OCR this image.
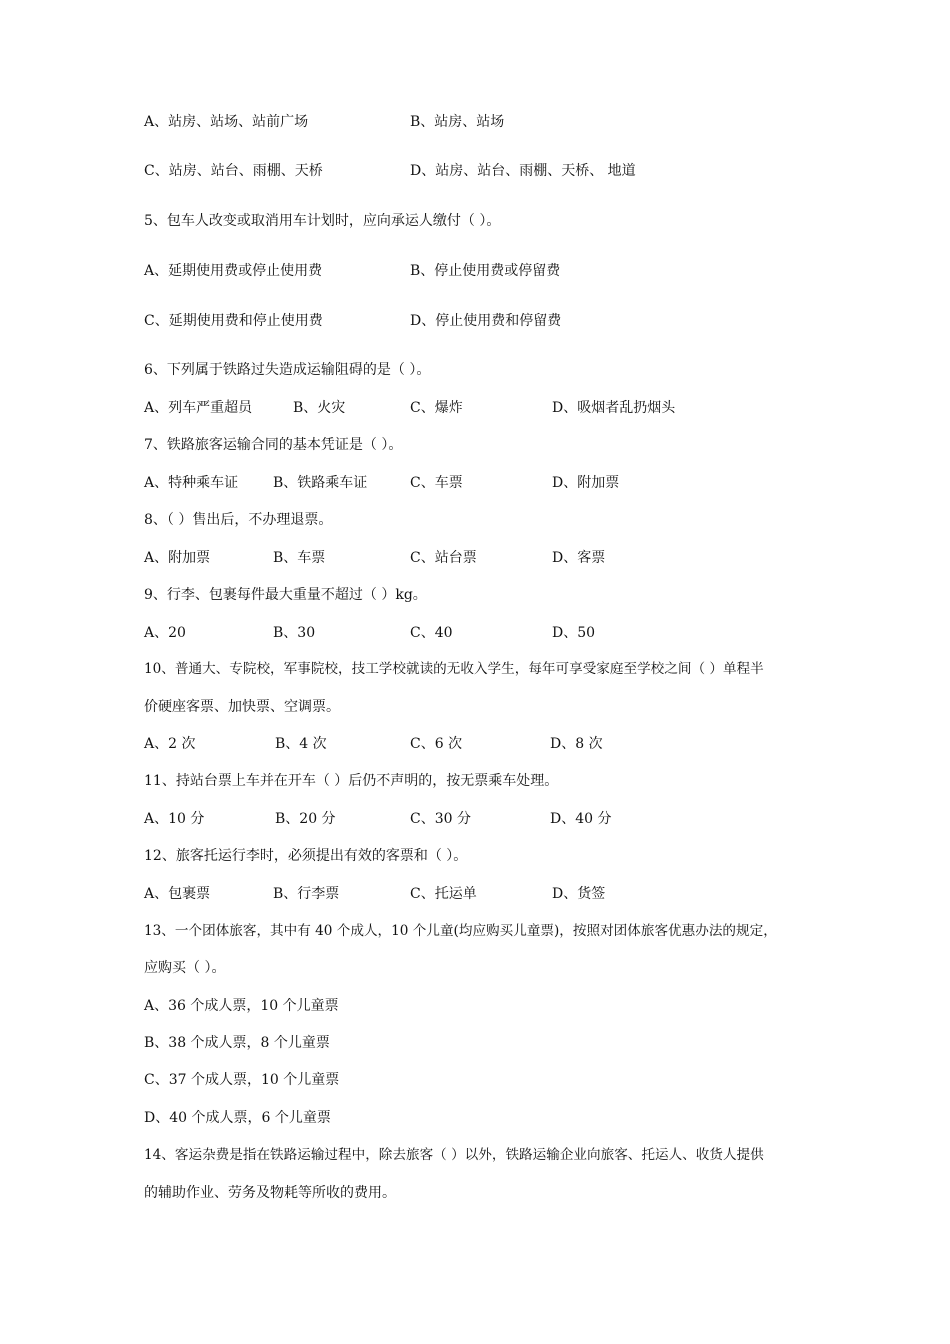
A、站房、站场、站前广场	B、站房、站场
C、站房、站台、雨棚、天桥	D、站房、站台、雨棚、天桥、 地道
5、包车人改变或取消用车计划时，应向承运人缴付（ ）。
A、延期使用费或停止使用费	B、停止使用费或停留费
C、延期使用费和停止使用费	D、停止使用费和停留费
6、下列属于铁路过失造成运输阻碍的是（ ）。
A、列车严重超员	B、火灾	C、爆炸	D、吸烟者乱扔烟头
7、铁路旅客运输合同的基本凭证是（ ）。
A、特种乘车证 B、铁路乘车证	C、车票	D、附加票
8、（ ）售出后，不办理退票。
A、附加票	B、车票	C、站台票	D、客票
9、行李、包裹每件最大重量不超过（ ）kg。
A、20	B、30	C、40	D、50
10、普通大、专院校，军事院校，技工学校就读的无收入学生，每年可享受家庭至学校之间（ ）单程半
价硬座客票、加快票、空调票。
A、2 次	B、4 次	C、6 次	D、8 次
11、持站台票上车并在开车（ ）后仍不声明的，按无票乘车处理。
A、10 分	B、20 分	C、30 分	D、40 分
12、旅客托运行李时，必须提出有效的客票和（ ）。
A、包裹票	B、行李票	C、托运单	D、货签
13、一个团体旅客，其中有 40 个成人，10 个儿童(均应购买儿童票)，按照对团体旅客优惠办法的规定，
应购买（ ）。
A、36 个成人票，10 个儿童票
B、38 个成人票，8 个儿童票
C、37 个成人票，10 个儿童票
D、40 个成人票，6 个儿童票
14、客运杂费是指在铁路运输过程中，除去旅客（ ）以外，铁路运输企业向旅客、托运人、收货人提供
的辅助作业、劳务及物耗等所收的费用。
